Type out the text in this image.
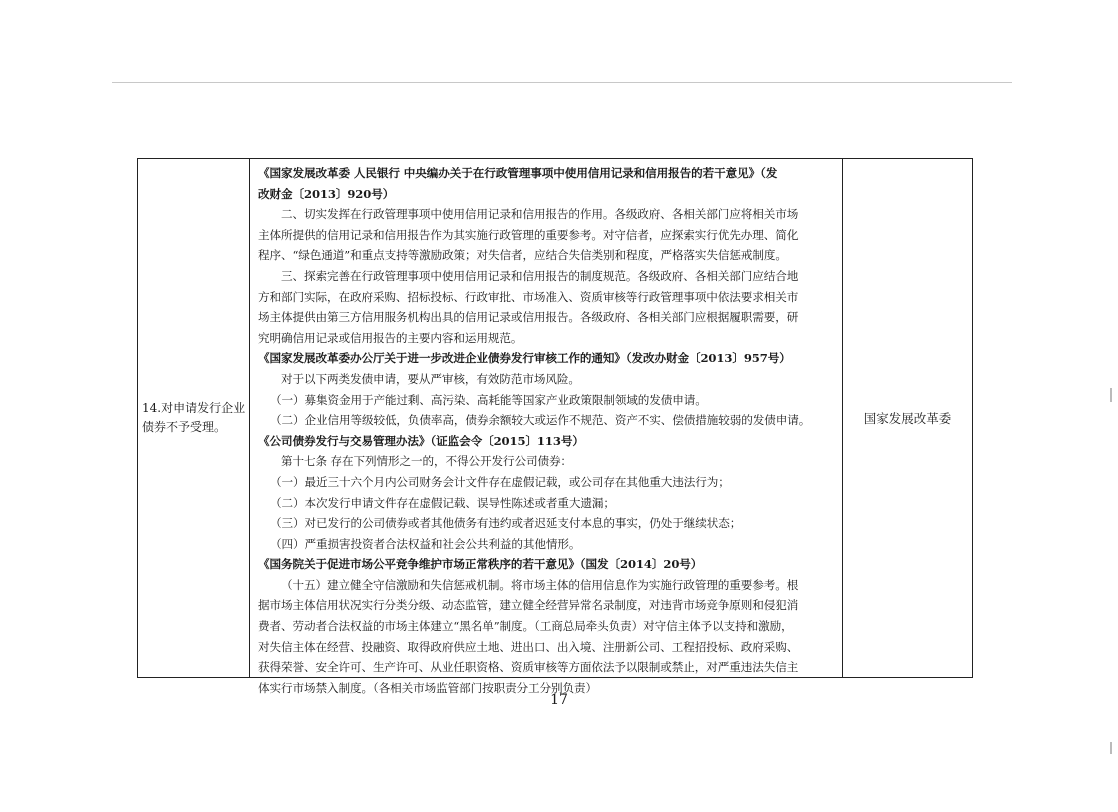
14.对申请发行企业债券不予受理。
《国家发展改革委 人民银行 中央编办关于在行政管理事项中使用信用记录和信用报告的若干意见》（发
改财金〔2013〕920号）
二、切实发挥在行政管理事项中使用信用记录和信用报告的作用。各级政府、各相关部门应将相关市场
主体所提供的信用记录和信用报告作为其实施行政管理的重要参考。对守信者，应探索实行优先办理、简化
程序、“绿色通道”和重点支持等激励政策；对失信者，应结合失信类别和程度，严格落实失信惩戒制度。
三、探索完善在行政管理事项中使用信用记录和信用报告的制度规范。各级政府、各相关部门应结合地
方和部门实际，在政府采购、招标投标、行政审批、市场准入、资质审核等行政管理事项中依法要求相关市
场主体提供由第三方信用服务机构出具的信用记录或信用报告。各级政府、各相关部门应根据履职需要，研
究明确信用记录或信用报告的主要内容和运用规范。
《国家发展改革委办公厅关于进一步改进企业债券发行审核工作的通知》（发改办财金〔2013〕957号）
对于以下两类发债申请，要从严审核，有效防范市场风险。
（一）募集资金用于产能过剩、高污染、高耗能等国家产业政策限制领域的发债申请。
（二）企业信用等级较低，负债率高，债券余额较大或运作不规范、资产不实、偿债措施较弱的发债申请。
《公司债券发行与交易管理办法》（证监会令〔2015〕113号）
第十七条 存在下列情形之一的，不得公开发行公司债券：
（一）最近三十六个月内公司财务会计文件存在虚假记载，或公司存在其他重大违法行为；
（二）本次发行申请文件存在虚假记载、误导性陈述或者重大遗漏；
（三）对已发行的公司债券或者其他债务有违约或者迟延支付本息的事实，仍处于继续状态；
（四）严重损害投资者合法权益和社会公共利益的其他情形。
《国务院关于促进市场公平竞争维护市场正常秩序的若干意见》（国发〔2014〕20号）
（十五）建立健全守信激励和失信惩戒机制。将市场主体的信用信息作为实施行政管理的重要参考。根
据市场主体信用状况实行分类分级、动态监管，建立健全经营异常名录制度，对违背市场竞争原则和侵犯消
费者、劳动者合法权益的市场主体建立“黑名单”制度。（工商总局牵头负责）对守信主体予以支持和激励，
对失信主体在经营、投融资、取得政府供应土地、进出口、出入境、注册新公司、工程招投标、政府采购、
获得荣誉、安全许可、生产许可、从业任职资格、资质审核等方面依法予以限制或禁止，对严重违法失信主
体实行市场禁入制度。（各相关市场监管部门按职责分工分别负责）
国家发展改革委
17
